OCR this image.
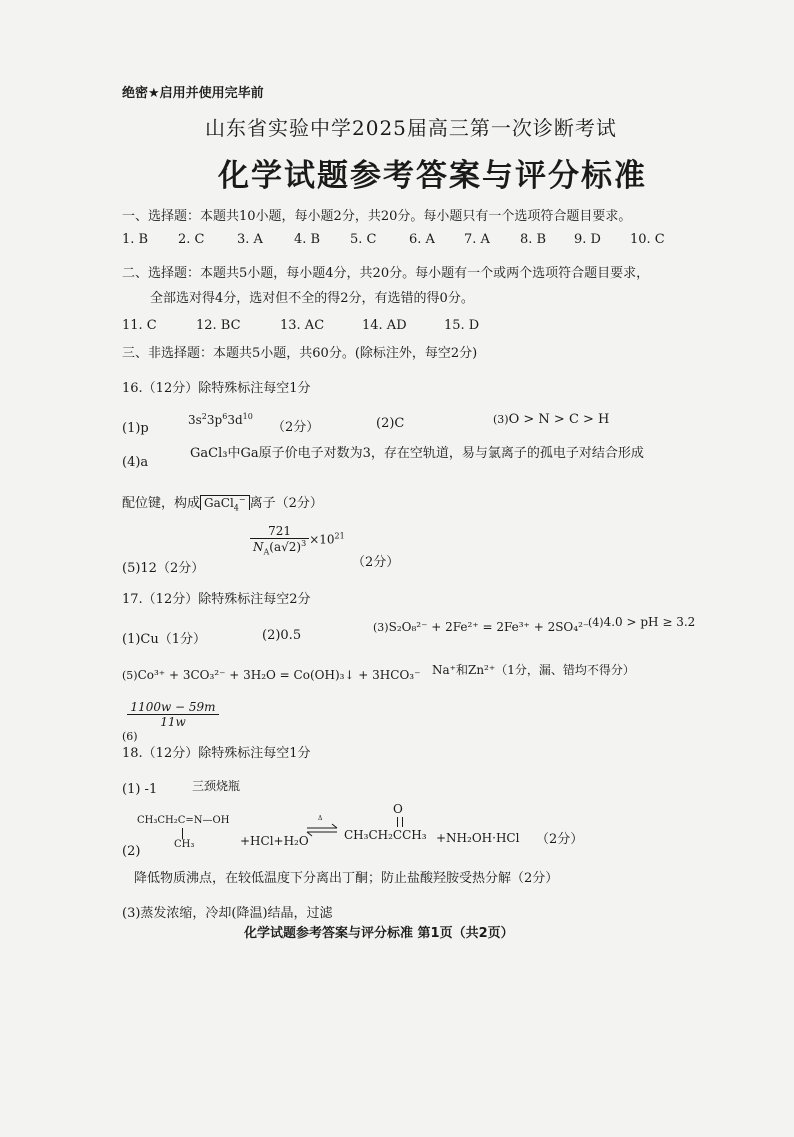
绝密★启用并使用完毕前
山东省实验中学2025届高三第一次诊断考试
化学试题参考答案与评分标准
一、选择题：本题共10小题，每小题2分，共20分。每小题只有一个选项符合题目要求。
1. B 2. C	3. A 4. B 5. C	6. A 7. A 8. B 9. D 10. C
二、选择题：本题共5小题，每小题4分，共20分。每小题有一个或两个选项符合题目要求，
全部选对得4分，选对但不全的得2分，有选错的得0分。
11. C	12. BC	13. AC	14. AD	15. D
三、非选择题：本题共5小题，共60分。(除标注外，每空2分)
16.（12分）除特殊标注每空1分
(1)p
$3s^23p^63d^{10}$
（2分）	(2)C	(3)O > N > C > H
(4)a
GaCl₃中Ga原子价电子对数为3，存在空轨道，易与氯离子的孤电子对结合形成
配位键，构成 GaCl$_4$− 离子（2分）
(5)12（2分）
$\frac{721}{N_A(a√2)^3} \times 10^{21}$
（2分）
17.（12分）除特殊标注每空2分
(1)Cu（1分）	(2)0.5
(3)S₂O₈²⁻ + 2Fe²⁺ = 2Fe³⁺ + 2SO₄²⁻
(4)4.0 > pH ≥ 3.2
(5)Co³⁺ + 3CO₃²⁻ + 3H₂O = Co(OH)₃↓ + 3HCO₃⁻ Na⁺和Zn²⁺（1分，漏、错均不得分）
(6)
$\frac{1100w - 59m}{11w}$
18.（12分）除特殊标注每空1分
(1) -1	三颈烧瓶
CH₃CH₂C=N—OH
CH₃
(2)
+HCl+H₂O
Δ
O
CH₃CH₂CCH₃ +NH₂OH·HCl （2分）
降低物质沸点，在较低温度下分离出丁酮；防止盐酸羟胺受热分解（2分）
(3)蒸发浓缩，冷却(降温)结晶，过滤
化学试题参考答案与评分标准 第1页（共2页）
